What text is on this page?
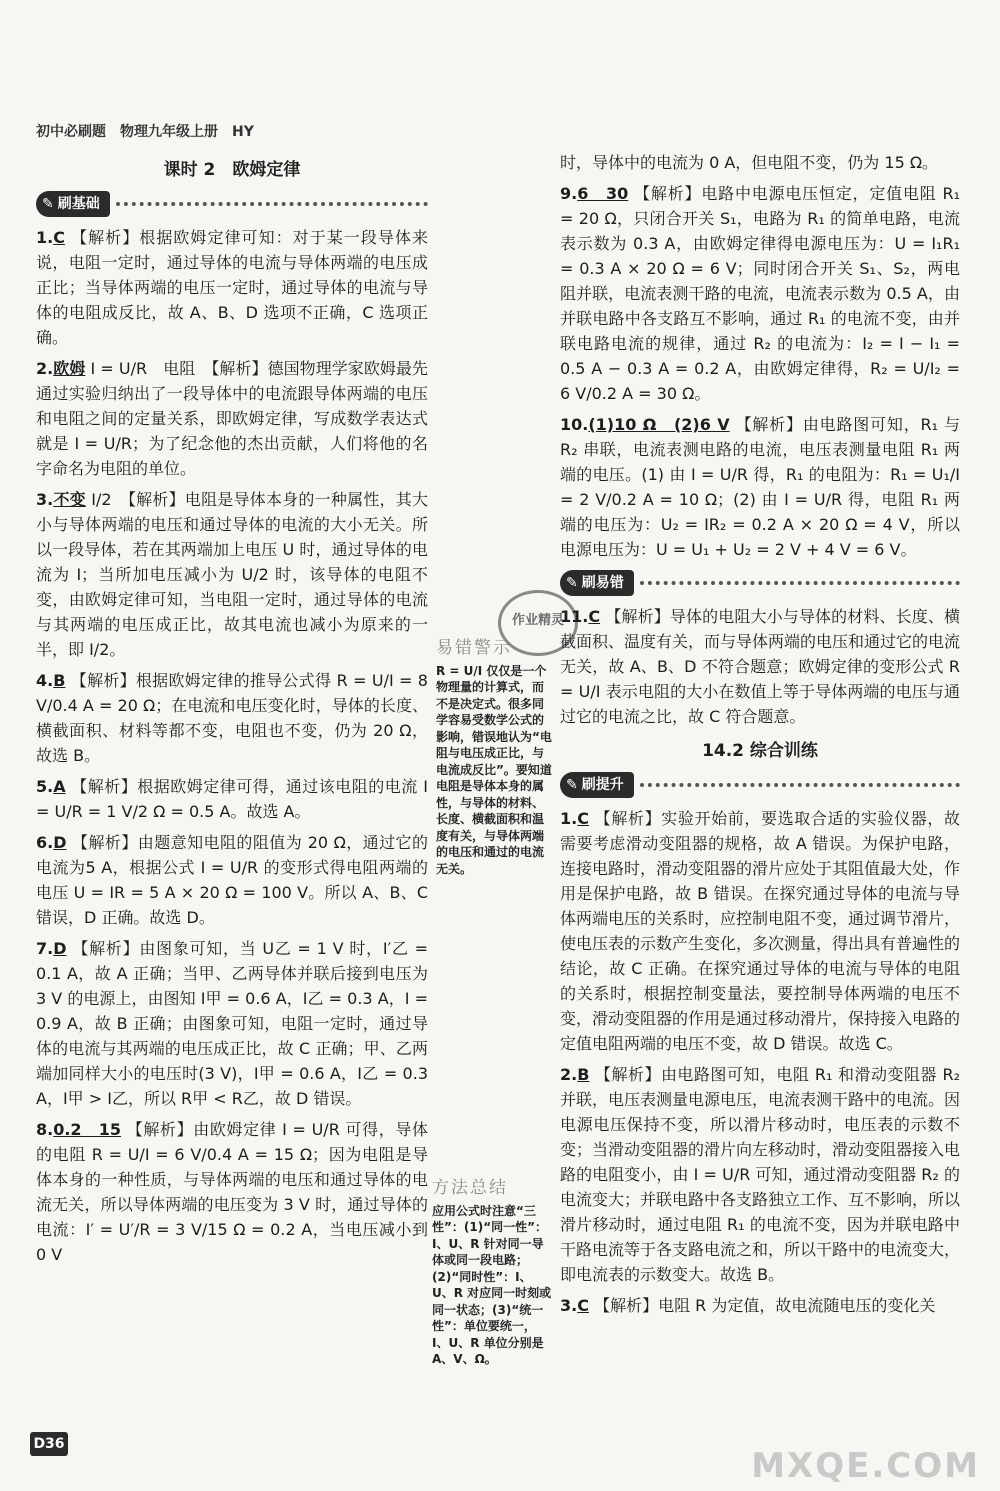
初中必刷题　物理九年级上册　HY
课时 2　欧姆定律
✎ 刷基础
1.C 【解析】根据欧姆定律可知：对于某一段导体来说，电阻一定时，通过导体的电流与导体两端的电压成正比；当导体两端的电压一定时，通过导体的电流与导体的电阻成反比，故 A、B、D 选项不正确，C 选项正确。
2.欧姆 I = U/R　电阻　【解析】德国物理学家欧姆最先通过实验归纳出了一段导体中的电流跟导体两端的电压和电阻之间的定量关系，即欧姆定律，写成数学表达式就是 I = U/R；为了纪念他的杰出贡献，人们将他的名字命名为电阻的单位。
3.不变 I/2　【解析】电阻是导体本身的一种属性，其大小与导体两端的电压和通过导体的电流的大小无关。所以一段导体，若在其两端加上电压 U 时，通过导体的电流为 I；当所加电压减小为 U/2 时，该导体的电阻不变，由欧姆定律可知，当电阻一定时，通过导体的电流与其两端的电压成正比，故其电流也减小为原来的一半，即 I/2。
4.B 【解析】根据欧姆定律的推导公式得 R = U/I = 8 V/0.4 A = 20 Ω；在电流和电压变化时，导体的长度、横截面积、材料等都不变，电阻也不变，仍为 20 Ω，故选 B。
5.A 【解析】根据欧姆定律可得，通过该电阻的电流 I = U/R = 1 V/2 Ω = 0.5 A。故选 A。
6.D 【解析】由题意知电阻的阻值为 20 Ω，通过它的电流为5 A，根据公式 I = U/R 的变形式得电阻两端的电压 U = IR = 5 A × 20 Ω = 100 V。所以 A、B、C 错误，D 正确。故选 D。
7.D 【解析】由图象可知，当 U乙 = 1 V 时，I′乙 = 0.1 A，故 A 正确；当甲、乙两导体并联后接到电压为 3 V 的电源上，由图知 I甲 = 0.6 A，I乙 = 0.3 A，I = 0.9 A，故 B 正确；由图象可知，电阻一定时，通过导体的电流与其两端的电压成正比，故 C 正确；甲、乙两端加同样大小的电压时(3 V)，I甲 = 0.6 A，I乙 = 0.3 A，I甲 > I乙，所以 R甲 < R乙，故 D 错误。
8.0.2　15 【解析】由欧姆定律 I = U/R 可得，导体的电阻 R = U/I = 6 V/0.4 A = 15 Ω；因为电阻是导体本身的一种性质，与导体两端的电压和通过导体的电流无关，所以导体两端的电压变为 3 V 时，通过导体的电流：I′ = U′/R = 3 V/15 Ω = 0.2 A，当电压减小到 0 V
作业精灵
易错警示
R = U/I 仅仅是一个物理量的计算式，而不是决定式。很多同学容易受数学公式的影响，错误地认为“电阻与电压成正比，与电流成反比”。要知道电阻是导体本身的属性，与导体的材料、长度、横截面积和温度有关，与导体两端的电压和通过的电流无关。
方法总结
应用公式时注意“三性”：(1)“同一性”：I、U、R 针对同一导体或同一段电路；(2)“同时性”：I、U、R 对应同一时刻或同一状态；(3)“统一性”：单位要统一，I、U、R 单位分别是 A、V、Ω。
时，导体中的电流为 0 A，但电阻不变，仍为 15 Ω。
9.6　30 【解析】电路中电源电压恒定，定值电阻 R₁ = 20 Ω，只闭合开关 S₁，电路为 R₁ 的简单电路，电流表示数为 0.3 A，由欧姆定律得电源电压为：U = I₁R₁ = 0.3 A × 20 Ω = 6 V；同时闭合开关 S₁、S₂，两电阻并联，电流表测干路的电流，电流表示数为 0.5 A，由并联电路中各支路互不影响，通过 R₁ 的电流不变，由并联电路电流的规律，通过 R₂ 的电流为：I₂ = I − I₁ = 0.5 A − 0.3 A = 0.2 A，由欧姆定律得，R₂ = U/I₂ = 6 V/0.2 A = 30 Ω。
10.(1)10 Ω　(2)6 V 【解析】由电路图可知，R₁ 与 R₂ 串联，电流表测电路的电流，电压表测量电阻 R₁ 两端的电压。(1) 由 I = U/R 得，R₁ 的电阻为：R₁ = U₁/I = 2 V/0.2 A = 10 Ω；(2) 由 I = U/R 得，电阻 R₁ 两端的电压为：U₂ = IR₂ = 0.2 A × 20 Ω = 4 V，所以电源电压为：U = U₁ + U₂ = 2 V + 4 V = 6 V。
✎ 刷易错
11.C 【解析】导体的电阻大小与导体的材料、长度、横截面积、温度有关，而与导体两端的电压和通过它的电流无关，故 A、B、D 不符合题意；欧姆定律的变形公式 R = U/I 表示电阻的大小在数值上等于导体两端的电压与通过它的电流之比，故 C 符合题意。
14.2 综合训练
✎ 刷提升
1.C 【解析】实验开始前，要选取合适的实验仪器，故需要考虑滑动变阻器的规格，故 A 错误。为保护电路，连接电路时，滑动变阻器的滑片应处于其阻值最大处，作用是保护电路，故 B 错误。在探究通过导体的电流与导体两端电压的关系时，应控制电阻不变，通过调节滑片，使电压表的示数产生变化，多次测量，得出具有普遍性的结论，故 C 正确。在探究通过导体的电流与导体的电阻的关系时，根据控制变量法，要控制导体两端的电压不变，滑动变阻器的作用是通过移动滑片，保持接入电路的定值电阻两端的电压不变，故 D 错误。故选 C。
2.B 【解析】由电路图可知，电阻 R₁ 和滑动变阻器 R₂ 并联，电压表测量电源电压，电流表测干路中的电流。因电源电压保持不变，所以滑片移动时，电压表的示数不变；当滑动变阻器的滑片向左移动时，滑动变阻器接入电路的电阻变小，由 I = U/R 可知，通过滑动变阻器 R₂ 的电流变大；并联电路中各支路独立工作、互不影响，所以滑片移动时，通过电阻 R₁ 的电流不变，因为并联电路中干路电流等于各支路电流之和，所以干路中的电流变大，即电流表的示数变大。故选 B。
3.C 【解析】电阻 R 为定值，故电流随电压的变化关
D36
MXQE.COM
